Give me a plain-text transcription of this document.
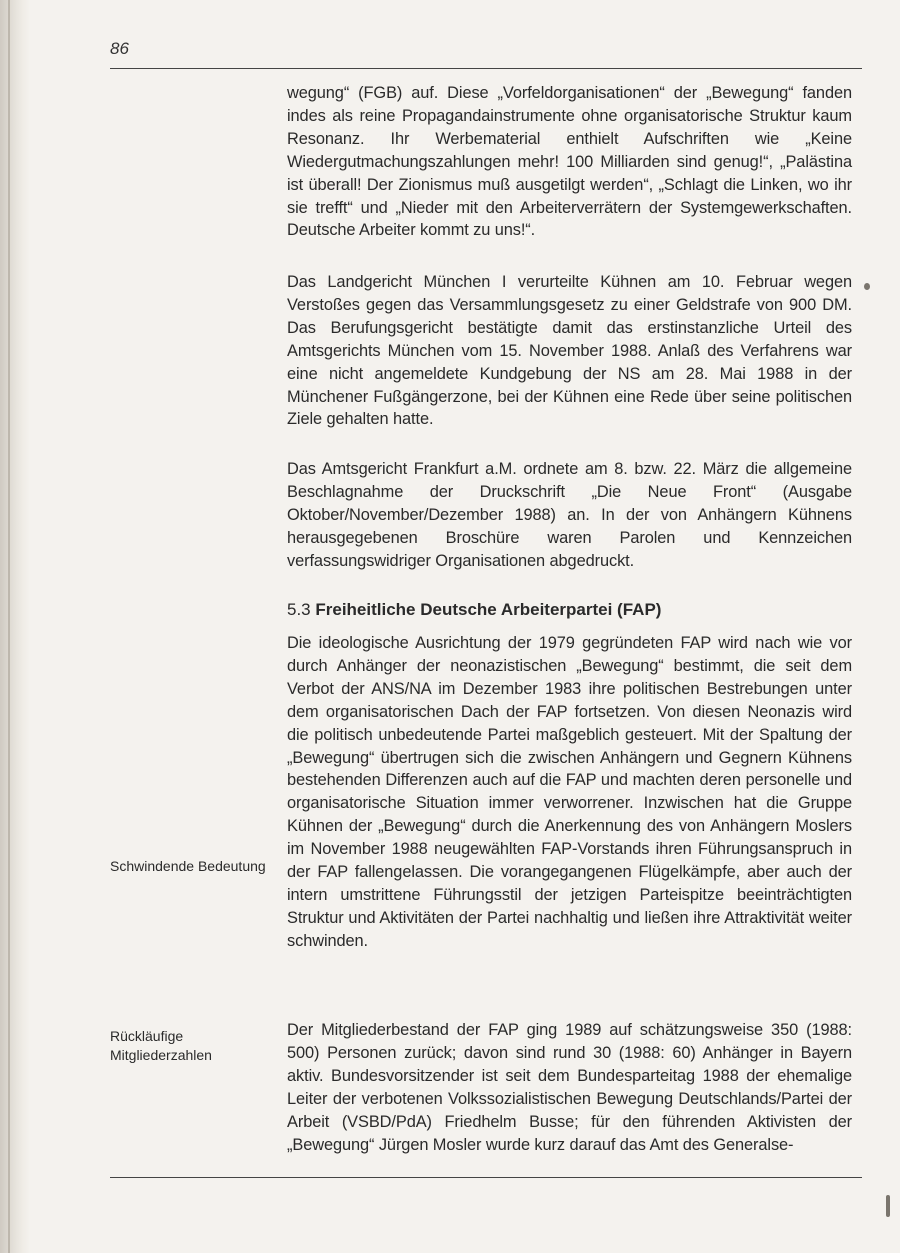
86

wegung“ (FGB) auf. Diese „Vorfeldorganisationen“ der „Bewegung“ fanden indes als reine Propagandainstrumente ohne organisatorische Struktur kaum Resonanz. Ihr Werbematerial enthielt Aufschriften wie „Keine Wiedergutmachungszahlungen mehr! 100 Milliarden sind genug!“, „Palästina ist überall! Der Zionismus muß ausgetilgt werden“, „Schlagt die Linken, wo ihr sie trefft“ und „Nieder mit den Arbeiterverrätern der Systemgewerkschaften. Deutsche Arbeiter kommt zu uns!“.

Das Landgericht München I verurteilte Kühnen am 10. Februar wegen Verstoßes gegen das Versammlungsgesetz zu einer Geldstrafe von 900 DM. Das Berufungsgericht bestätigte damit das erstinstanzliche Urteil des Amtsgerichts München vom 15. November 1988. Anlaß des Verfahrens war eine nicht angemeldete Kundgebung der NS am 28. Mai 1988 in der Münchener Fußgängerzone, bei der Kühnen eine Rede über seine politischen Ziele gehalten hatte.

Das Amtsgericht Frankfurt a.M. ordnete am 8. bzw. 22. März die allgemeine Beschlagnahme der Druckschrift „Die Neue Front“ (Ausgabe Oktober/November/Dezember 1988) an. In der von Anhängern Kühnens herausgegebenen Broschüre waren Parolen und Kennzeichen verfassungswidriger Organisationen abgedruckt.

5.3 Freiheitliche Deutsche Arbeiterpartei (FAP)

Die ideologische Ausrichtung der 1979 gegründeten FAP wird nach wie vor durch Anhänger der neonazistischen „Bewegung“ bestimmt, die seit dem Verbot der ANS/NA im Dezember 1983 ihre politischen Bestrebungen unter dem organisatorischen Dach der FAP fortsetzen. Von diesen Neonazis wird die politisch unbedeutende Partei maßgeblich gesteuert. Mit der Spaltung der „Bewegung“ übertrugen sich die zwischen Anhängern und Gegnern Kühnens bestehenden Differenzen auch auf die FAP und machten deren personelle und organisatorische Situation immer verworrener. Inzwischen hat die Gruppe Kühnen der „Bewegung“ durch die Anerkennung des von Anhängern Moslers im November 1988 neugewählten FAP-Vorstands ihren Führungsanspruch in der FAP fallengelassen. Die vorangegangenen Flügelkämpfe, aber auch der intern umstrittene Führungsstil der jetzigen Parteispitze beeinträchtigten Struktur und Aktivitäten der Partei nachhaltig und ließen ihre Attraktivität weiter schwinden.

Der Mitgliederbestand der FAP ging 1989 auf schätzungsweise 350 (1988: 500) Personen zurück; davon sind rund 30 (1988: 60) Anhänger in Bayern aktiv. Bundesvorsitzender ist seit dem Bundesparteitag 1988 der ehemalige Leiter der verbotenen Volkssozialistischen Bewegung Deutschlands/Partei der Arbeit (VSBD/PdA) Friedhelm Busse; für den führenden Aktivisten der „Bewegung“ Jürgen Mosler wurde kurz darauf das Amt des Generalse-

Schwindende Bedeutung

Rückläufige Mitgliederzahlen
